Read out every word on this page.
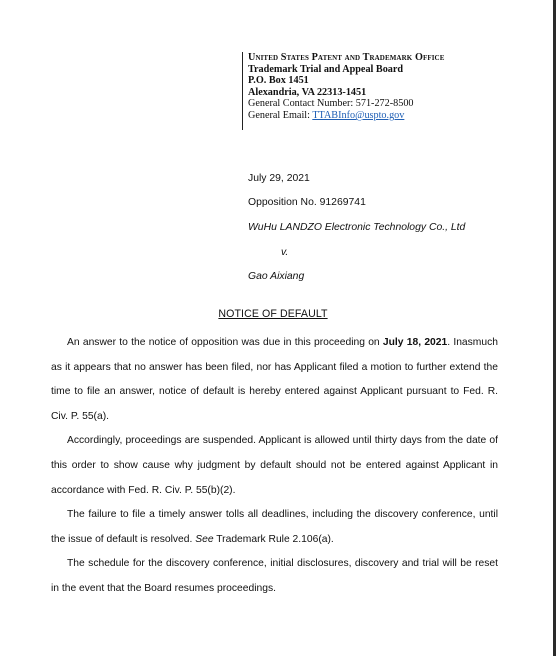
United States Patent and Trademark Office
Trademark Trial and Appeal Board
P.O. Box 1451
Alexandria, VA 22313-1451
General Contact Number: 571-272-8500
General Email: TTABInfo@uspto.gov
July 29, 2021
Opposition No. 91269741
WuHu LANDZO Electronic Technology Co., Ltd
v.
Gao Aixiang
NOTICE OF DEFAULT

An answer to the notice of opposition was due in this proceeding on July 18, 2021. Inasmuch as it appears that no answer has been filed, nor has Applicant filed a motion to further extend the time to file an answer, notice of default is hereby entered against Applicant pursuant to Fed. R. Civ. P. 55(a).

Accordingly, proceedings are suspended. Applicant is allowed until thirty days from the date of this order to show cause why judgment by default should not be entered against Applicant in accordance with Fed. R. Civ. P. 55(b)(2).

The failure to file a timely answer tolls all deadlines, including the discovery conference, until the issue of default is resolved. See Trademark Rule 2.106(a).

The schedule for the discovery conference, initial disclosures, discovery and trial will be reset in the event that the Board resumes proceedings.
